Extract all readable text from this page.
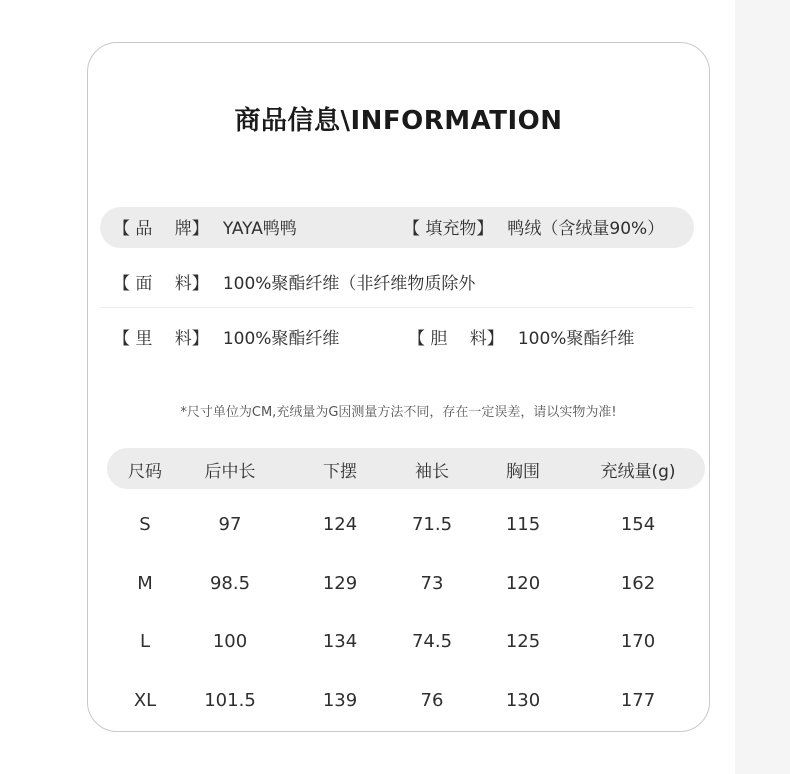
商品信息\INFORMATION
【 品　 牌】 YAYA鸭鸭	【 填充物】 鸭绒（含绒量90%）
【 面　 料】 100%聚酯纤维（非纤维物质除外
【 里　 料】 100%聚酯纤维	【 胆　 料】 100%聚酯纤维
*尺寸单位为CM,充绒量为G因测量方法不同，存在一定误差，请以实物为准!
尺码	后中长	下摆	袖长	胸围	充绒量(g)
S	97	124	71.5	115	154
M	98.5	129	73	120	162
L	100	134	74.5	125	170
XL	101.5	139	76	130	177
